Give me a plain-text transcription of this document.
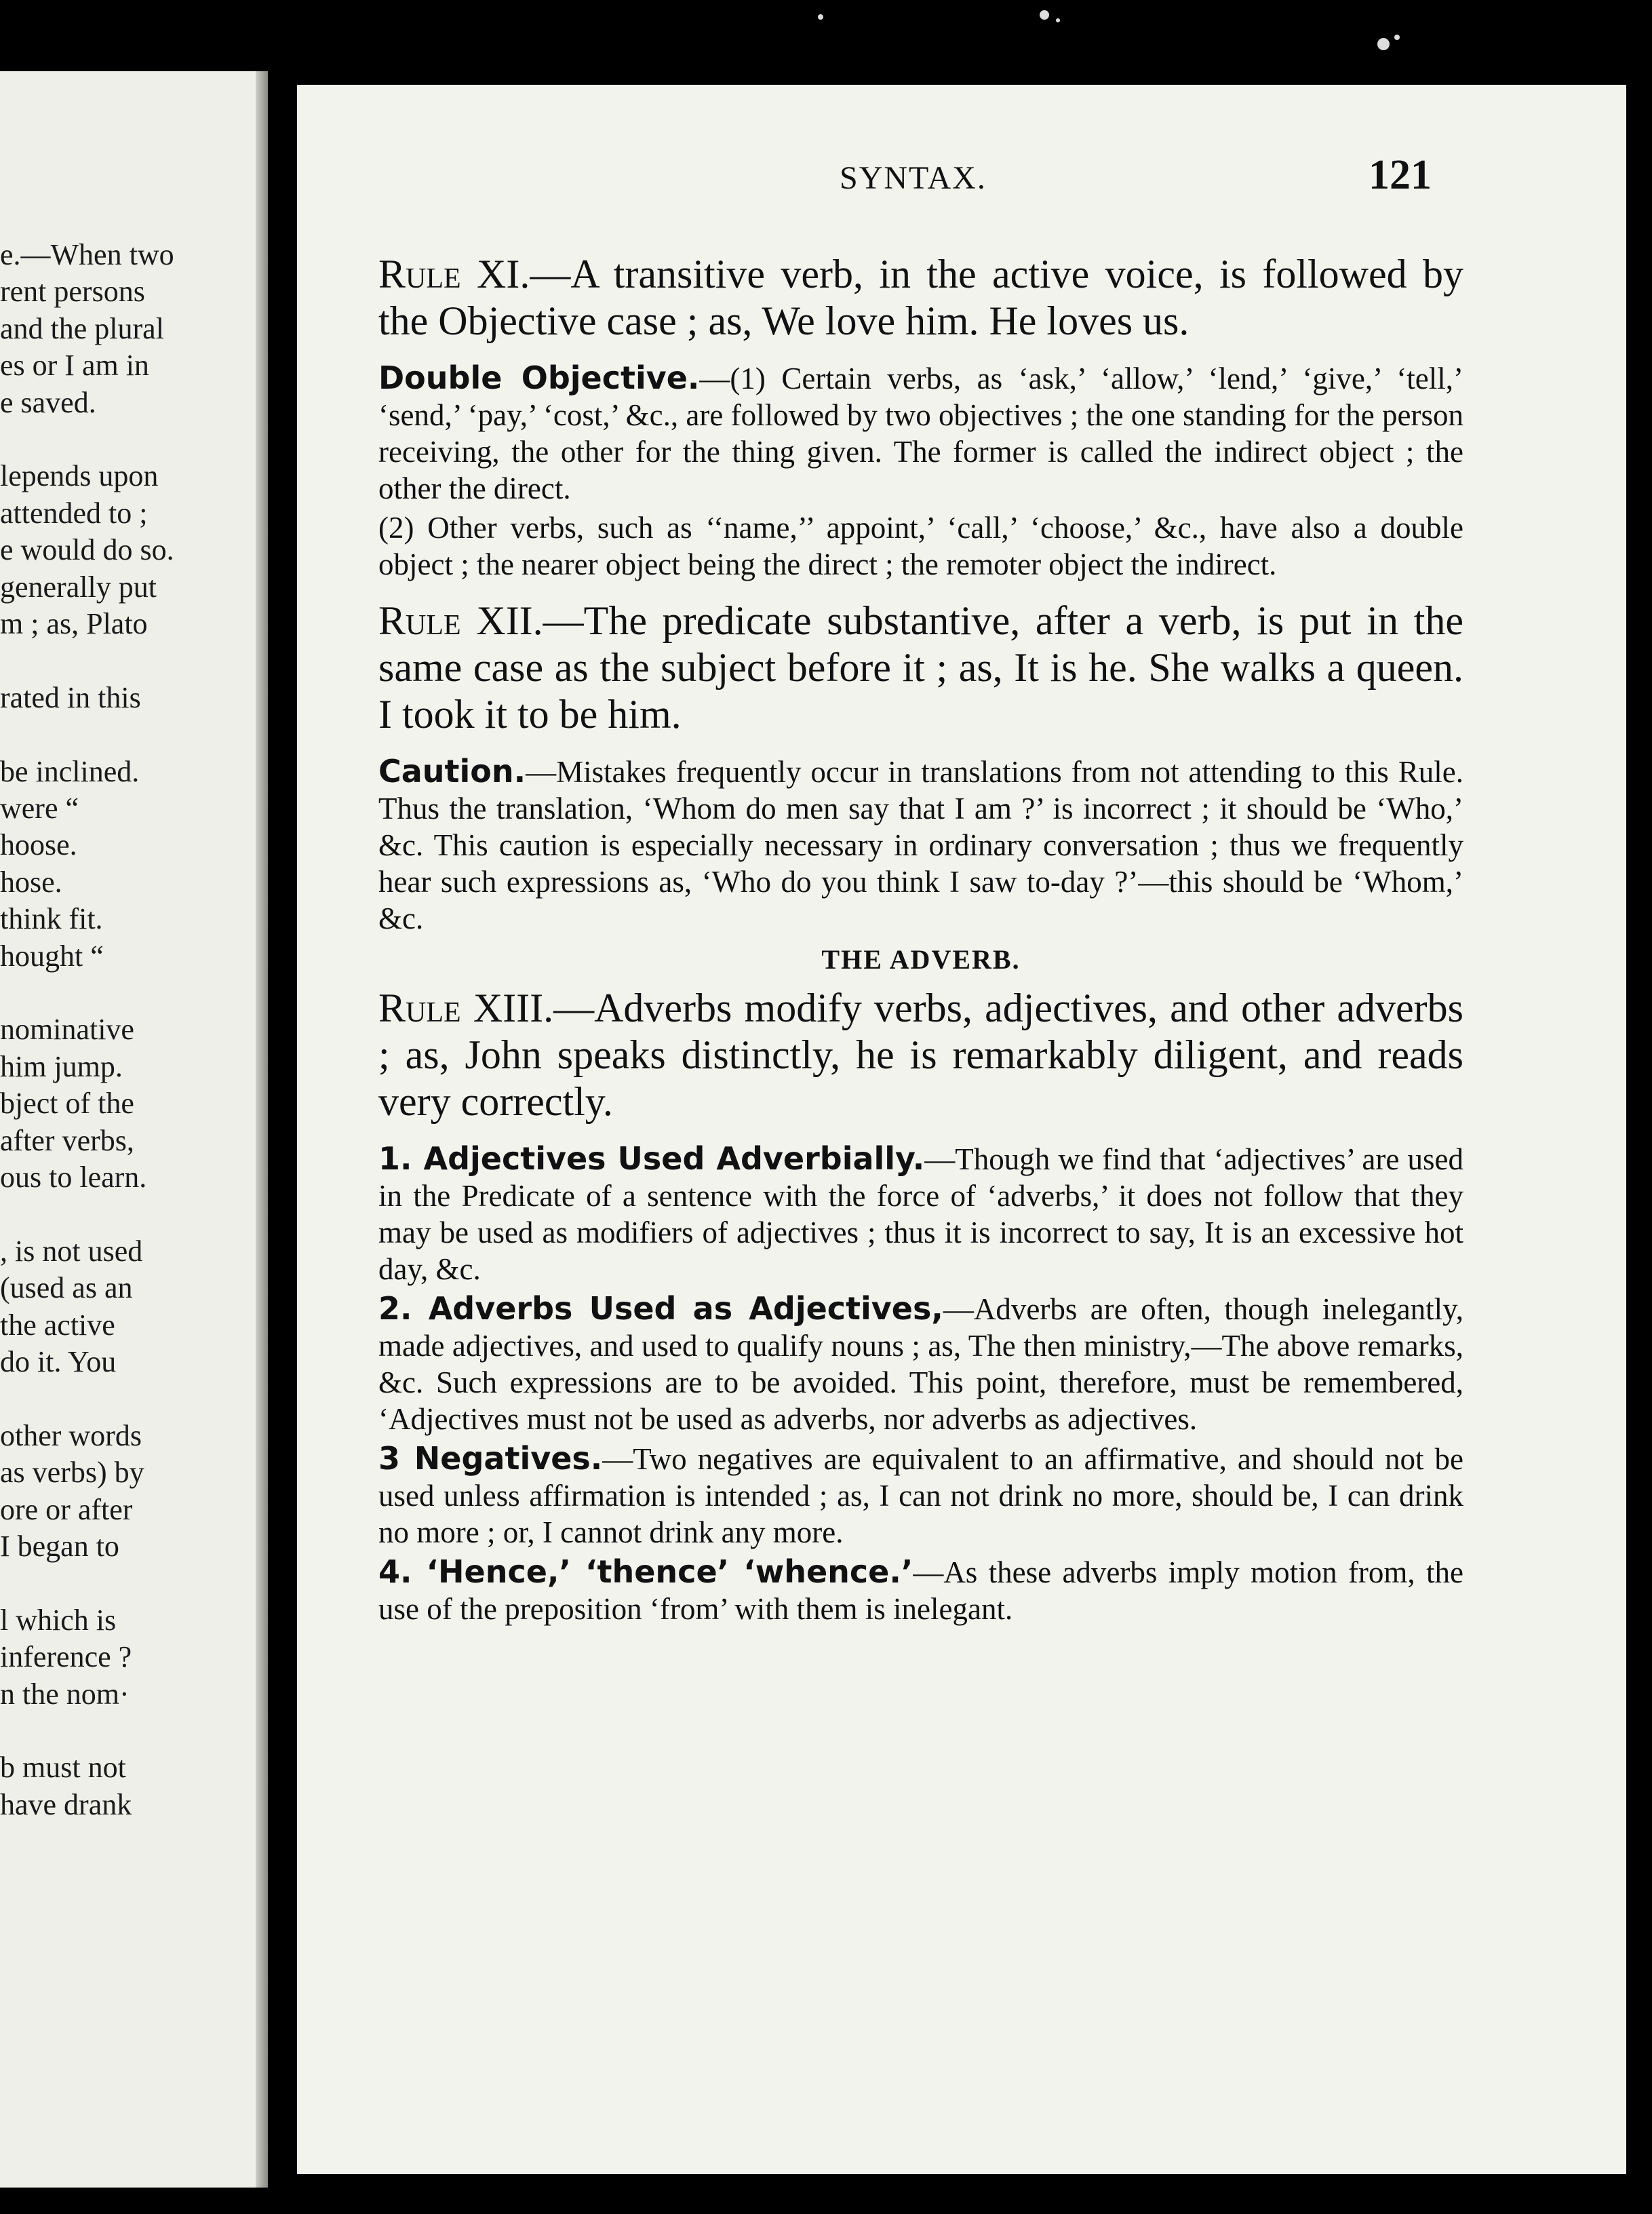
e.—When two
rent persons
and the plural
es or I am in
e saved.
lepends upon
attended to ;
e would do so.
generally put
m ; as, Plato
rated in this
be inclined.
were “
hoose.
hose.
think fit.
hought “
nominative
him jump.
bject of the
after verbs,
ous to learn.
, is not used
(used as an
the active
do it. You
other words
as verbs) by
ore or after
I began to
l which is
inference ?
n the nom·
b must not
have drank
SYNTAX.	121

Rule XI.—A transitive verb, in the active voice, is followed by the Objective case ; as, We love him. He loves us.

Double Objective.—(1) Certain verbs, as ‘ask,’ ‘allow,’ ‘lend,’ ‘give,’ ‘tell,’ ‘send,’ ‘pay,’ ‘cost,’ &c., are followed by two objectives ; the one standing for the person receiving, the other for the thing given. The former is called the indirect object ; the other the direct.

(2) Other verbs, such as ‘‘name,’’ appoint,’ ‘call,’ ‘choose,’ &c., have also a double object ; the nearer object being the direct ; the remoter object the indirect.

Rule XII.—The predicate substantive, after a verb, is put in the same case as the subject before it ; as, It is he. She walks a queen. I took it to be him.

Caution.—Mistakes frequently occur in translations from not attending to this Rule. Thus the translation, ‘Whom do men say that I am ?’ is incorrect ; it should be ‘Who,’ &c. This caution is especially necessary in ordinary conversation ; thus we frequently hear such expressions as, ‘Who do you think I saw to-day ?’—this should be ‘Whom,’ &c.

THE ADVERB.

Rule XIII.—Adverbs modify verbs, adjectives, and other adverbs ; as, John speaks distinctly, he is remarkably diligent, and reads very correctly.

1. Adjectives Used Adverbially.—Though we find that ‘adjectives’ are used in the Predicate of a sentence with the force of ‘adverbs,’ it does not follow that they may be used as modifiers of adjectives ; thus it is incorrect to say, It is an excessive hot day, &c.

2. Adverbs Used as Adjectives,—Adverbs are often, though inelegantly, made adjectives, and used to qualify nouns ; as, The then ministry,—The above remarks, &c. Such expressions are to be avoided. This point, therefore, must be remembered, ‘Adjectives must not be used as adverbs, nor adverbs as adjectives.

3 Negatives.—Two negatives are equivalent to an affirmative, and should not be used unless affirmation is intended ; as, I can not drink no more, should be, I can drink no more ; or, I cannot drink any more.

4. ‘Hence,’ ‘thence’ ‘whence.’—As these adverbs imply motion from, the use of the preposition ‘from’ with them is inelegant.
